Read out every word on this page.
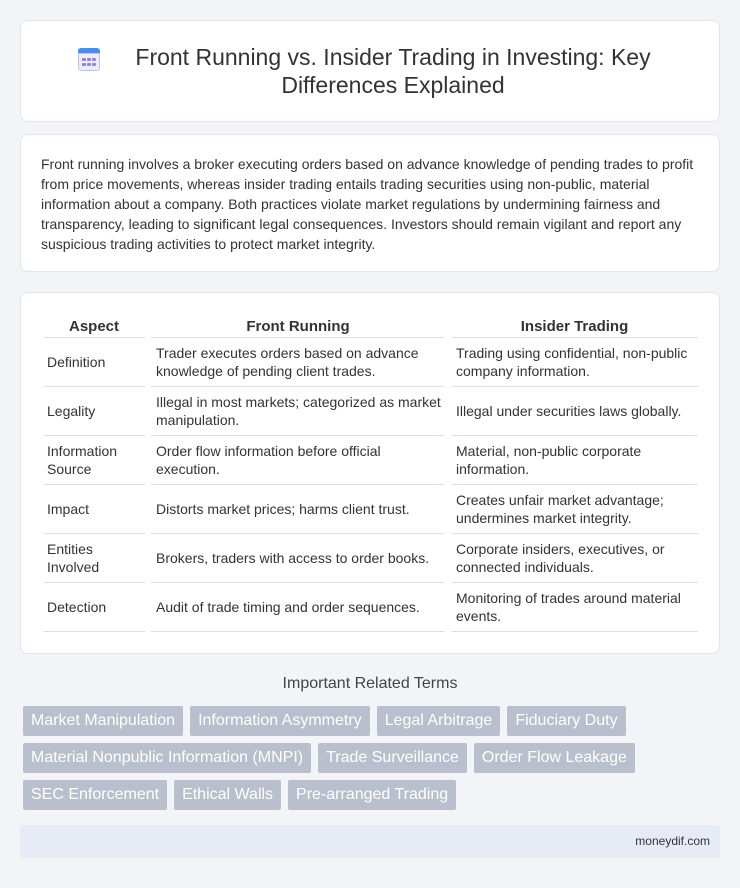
Front Running vs. Insider Trading in Investing: Key Differences Explained

Front running involves a broker executing orders based on advance knowledge of pending trades to profit from price movements, whereas insider trading entails trading securities using non-public, material information about a company. Both practices violate market regulations by undermining fairness and transparency, leading to significant legal consequences. Investors should remain vigilant and report any suspicious trading activities to protect market integrity.

Aspect		Front Running		Insider Trading
Definition		Trader executes orders based on advance knowledge of pending client trades.		Trading using confidential, non-public company information.
Legality		Illegal in most markets; categorized as market manipulation.		Illegal under securities laws globally.
Information Source		Order flow information before official execution.		Material, non-public corporate information.
Impact		Distorts market prices; harms client trust.		Creates unfair market advantage; undermines market integrity.
Entities Involved		Brokers, traders with access to order books.		Corporate insiders, executives, or connected individuals.
Detection		Audit of trade timing and order sequences.		Monitoring of trades around material events.
Important Related Terms
Market Manipulation	Information Asymmetry	Legal Arbitrage	Fiduciary Duty
Material Nonpublic Information (MNPI)	Trade Surveillance	Order Flow Leakage
SEC Enforcement	Ethical Walls	Pre-arranged Trading
moneydif.com
